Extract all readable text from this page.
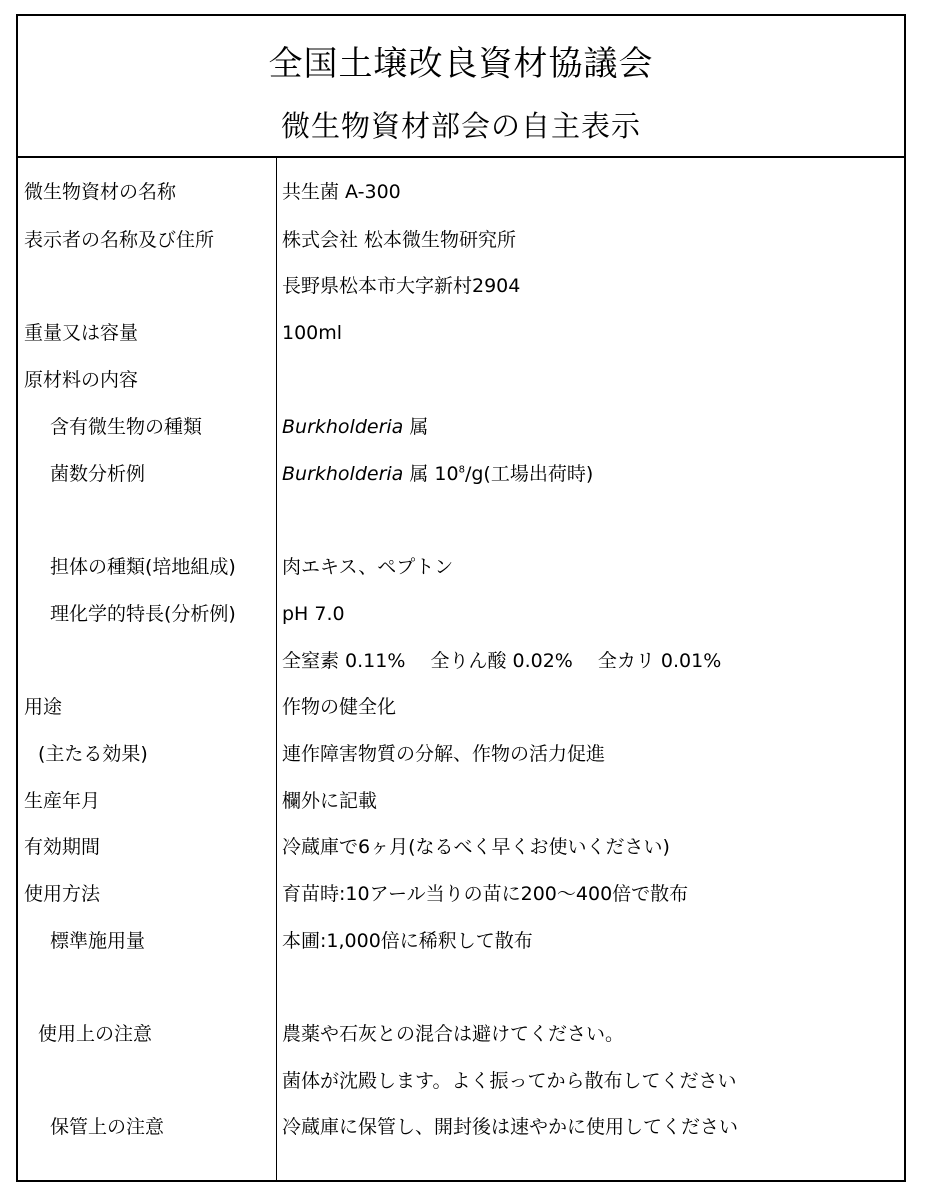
全国土壌改良資材協議会
微生物資材部会の自主表示
微生物資材の名称	共生菌 A-300
表示者の名称及び住所	株式会社 松本微生物研究所
長野県松本市大字新村2904
重量又は容量	100ml
原材料の内容
含有微生物の種類	Burkholderia 属
菌数分析例	Burkholderia 属 $10^8/g$(工場出荷時)
担体の種類(培地組成) 肉エキス、ペプトン
理化学的特長(分析例) pH 7.0
全窒素 0.11%　 全りん酸 0.02%　 全カリ 0.01%
用途	作物の健全化
(主たる効果)	連作障害物質の分解、作物の活力促進
生産年月	欄外に記載
有効期間	冷蔵庫で6ヶ月(なるべく早くお使いください)
使用方法	育苗時:10アール当りの苗に200～400倍で散布
標準施用量	本圃:1,000倍に稀釈して散布
使用上の注意	農薬や石灰との混合は避けてください。
菌体が沈殿します。よく振ってから散布してください
保管上の注意	冷蔵庫に保管し、開封後は速やかに使用してください
